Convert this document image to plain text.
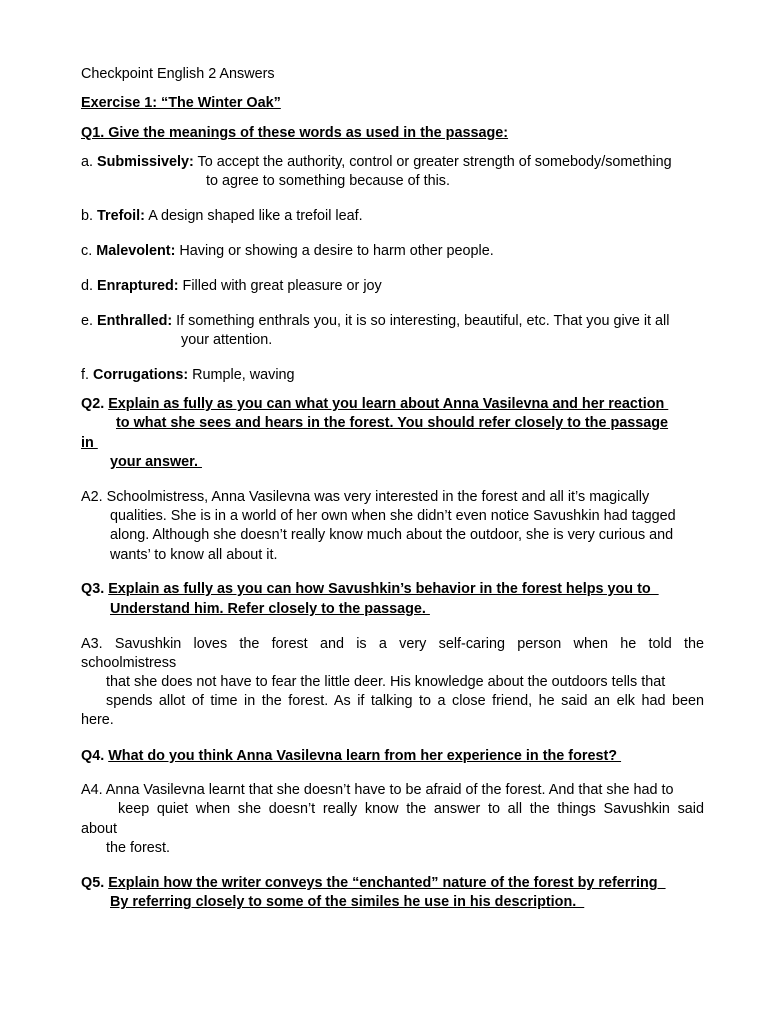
Checkpoint English 2 Answers
Exercise 1: “The Winter Oak”
Q1. Give the meanings of these words as used in the passage:
a. Submissively: To accept the authority, control or greater strength of somebody/something
to agree to something because of this.
b. Trefoil: A design shaped like a trefoil leaf.
c. Malevolent: Having or showing a desire to harm other people.
d. Enraptured: Filled with great pleasure or joy
e. Enthralled: If something enthrals you, it is so interesting, beautiful, etc. That you give it all
your attention.
f. Corrugations: Rumple, waving
Q2. Explain as fully as you can what you learn about Anna Vasilevna and her reaction
to what she sees and hears in the forest. You should refer closely to the passage
in
your answer.
A2. Schoolmistress, Anna Vasilevna was very interested in the forest and all it’s magically
qualities. She is in a world of her own when she didn’t even notice Savushkin had tagged
along. Although she doesn’t really know much about the outdoor, she is very curious and
wants’ to know all about it.
Q3. Explain as fully as you can how Savushkin’s behavior in the forest helps you to
Understand him. Refer closely to the passage.
A3. Savushkin loves the forest and is a very self-caring person when he told the
schoolmistress
that she does not have to fear the little deer. His knowledge about the outdoors tells that
spends allot of time in the forest. As if talking to a close friend, he said an elk had been
here.
Q4. What do you think Anna Vasilevna learn from her experience in the forest?
A4. Anna Vasilevna learnt that she doesn’t have to be afraid of the forest. And that she had to
keep quiet when she doesn’t really know the answer to all the things Savushkin said
about
the forest.
Q5. Explain how the writer conveys the “enchanted” nature of the forest by referring
By referring closely to some of the similes he use in his description.
